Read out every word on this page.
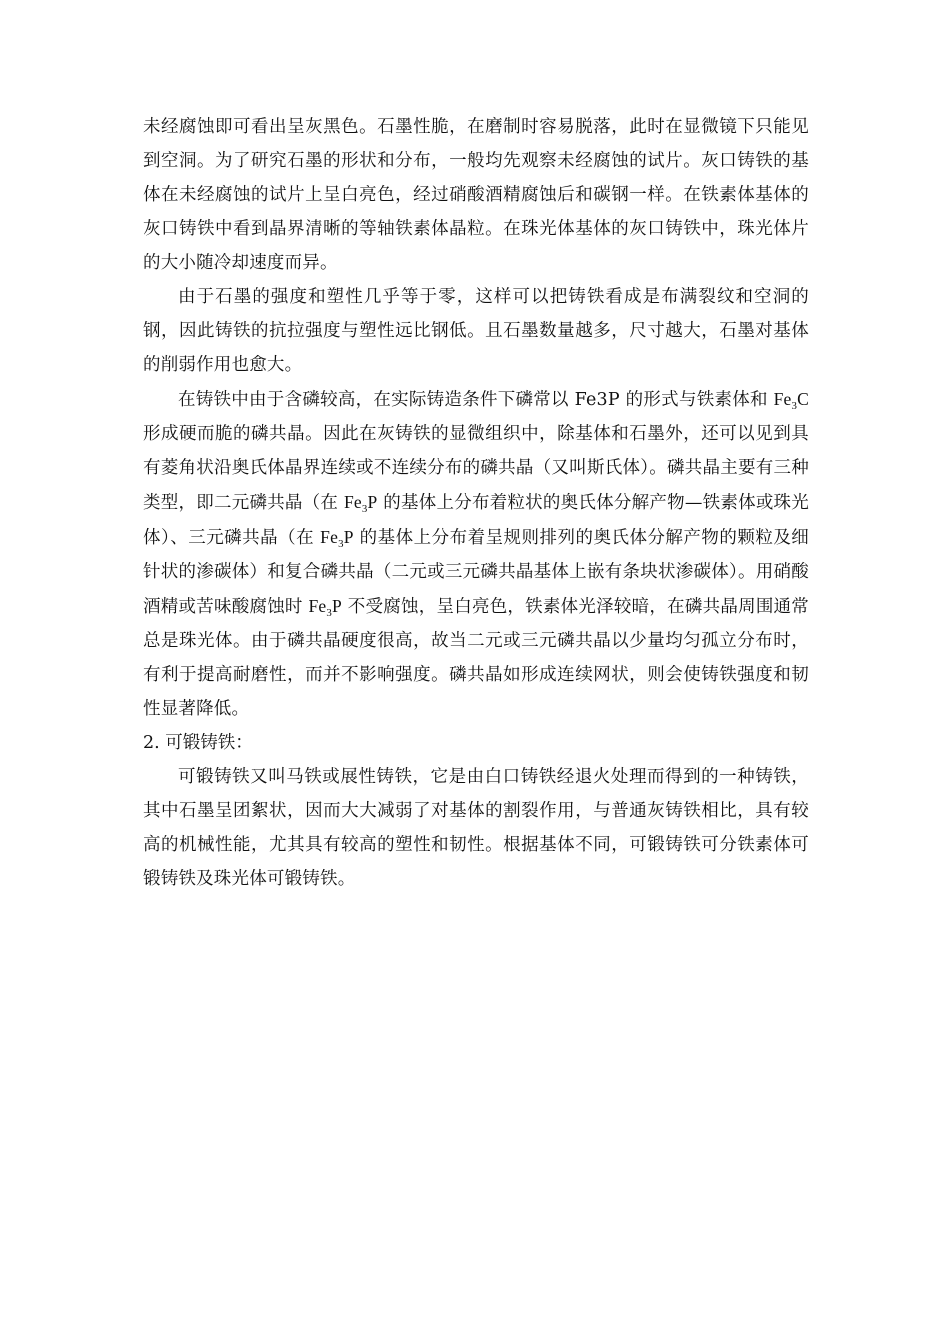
未经腐蚀即可看出呈灰黑色。石墨性脆，在磨制时容易脱落，此时在显微镜下只能见到空洞。为了研究石墨的形状和分布，一般均先观察未经腐蚀的试片。灰口铸铁的基体在未经腐蚀的试片上呈白亮色，经过硝酸酒精腐蚀后和碳钢一样。在铁素体基体的灰口铸铁中看到晶界清晰的等轴铁素体晶粒。在珠光体基体的灰口铸铁中，珠光体片的大小随冷却速度而异。

由于石墨的强度和塑性几乎等于零，这样可以把铸铁看成是布满裂纹和空洞的钢，因此铸铁的抗拉强度与塑性远比钢低。且石墨数量越多，尺寸越大，石墨对基体的削弱作用也愈大。

在铸铁中由于含磷较高，在实际铸造条件下磷常以 Fe3P 的形式与铁素体和 $Fe_3C$ 形成硬而脆的磷共晶。因此在灰铸铁的显微组织中，除基体和石墨外，还可以见到具有菱角状沿奥氏体晶界连续或不连续分布的磷共晶（又叫斯氏体）。磷共晶主要有三种类型，即二元磷共晶（在 $Fe_3P$ 的基体上分布着粒状的奥氏体分解产物—铁素体或珠光体）、三元磷共晶（在 $Fe_3P$ 的基体上分布着呈规则排列的奥氏体分解产物的颗粒及细针状的渗碳体）和复合磷共晶（二元或三元磷共晶基体上嵌有条块状渗碳体）。用硝酸酒精或苦味酸腐蚀时 $Fe_3P$ 不受腐蚀，呈白亮色，铁素体光泽较暗，在磷共晶周围通常总是珠光体。由于磷共晶硬度很高，故当二元或三元磷共晶以少量均匀孤立分布时，有利于提高耐磨性，而并不影响强度。磷共晶如形成连续网状，则会使铸铁强度和韧性显著降低。

2. 可锻铸铁：

可锻铸铁又叫马铁或展性铸铁，它是由白口铸铁经退火处理而得到的一种铸铁，其中石墨呈团絮状，因而大大减弱了对基体的割裂作用，与普通灰铸铁相比，具有较高的机械性能，尤其具有较高的塑性和韧性。根据基体不同，可锻铸铁可分铁素体可锻铸铁及珠光体可锻铸铁。
